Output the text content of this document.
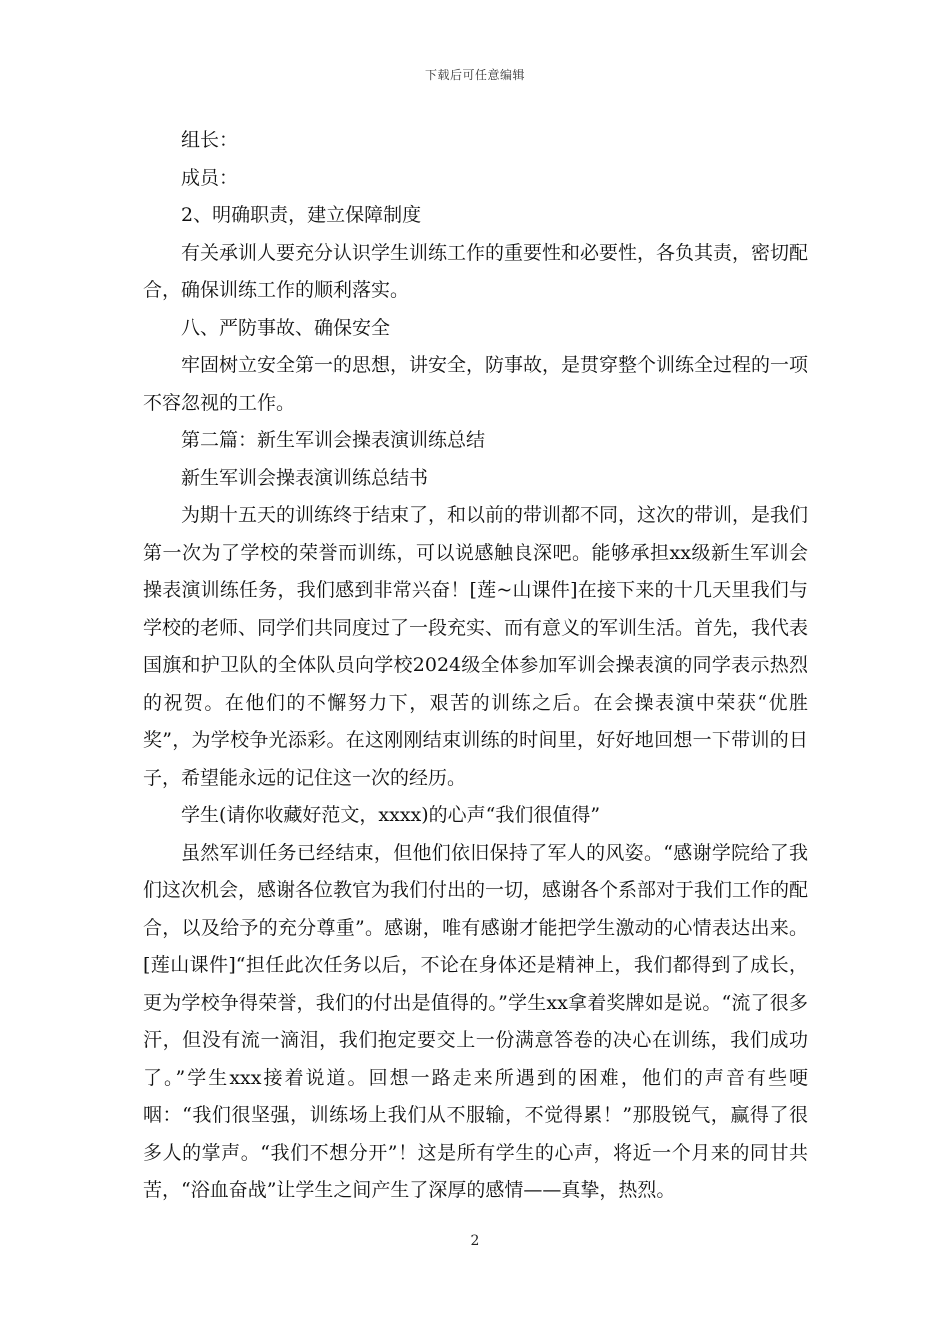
下载后可任意编辑

组长：

成员：

2、明确职责，建立保障制度

有关承训人要充分认识学生训练工作的重要性和必要性，各负其责，密切配合，确保训练工作的顺利落实。

八、严防事故、确保安全

牢固树立安全第一的思想，讲安全，防事故，是贯穿整个训练全过程的一项不容忽视的工作。

第二篇：新生军训会操表演训练总结

新生军训会操表演训练总结书

为期十五天的训练终于结束了，和以前的带训都不同，这次的带训，是我们第一次为了学校的荣誉而训练，可以说感触良深吧。能够承担xx级新生军训会操表演训练任务，我们感到非常兴奋！[莲~山课件]在接下来的十几天里我们与学校的老师、同学们共同度过了一段充实、而有意义的军训生活。首先，我代表国旗和护卫队的全体队员向学校2024级全体参加军训会操表演的同学表示热烈的祝贺。在他们的不懈努力下，艰苦的训练之后。在会操表演中荣获“优胜奖”，为学校争光添彩。在这刚刚结束训练的时间里，好好地回想一下带训的日子，希望能永远的记住这一次的经历。

学生(请你收藏好范文，xxxx)的心声“我们很值得”

虽然军训任务已经结束，但他们依旧保持了军人的风姿。“感谢学院给了我们这次机会，感谢各位教官为我们付出的一切，感谢各个系部对于我们工作的配合，以及给予的充分尊重”。感谢，唯有感谢才能把学生激动的心情表达出来。[莲山课件]“担任此次任务以后，不论在身体还是精神上，我们都得到了成长，更为学校争得荣誉，我们的付出是值得的。”学生xx拿着奖牌如是说。“流了很多汗，但没有流一滴泪，我们抱定要交上一份满意答卷的决心在训练，我们成功了。”学生xxx接着说道。回想一路走来所遇到的困难，他们的声音有些哽咽：“我们很坚强，训练场上我们从不服输，不觉得累！”那股锐气，赢得了很多人的掌声。“我们不想分开”！这是所有学生的心声，将近一个月来的同甘共苦，“浴血奋战”让学生之间产生了深厚的感情——真挚，热烈。

2
